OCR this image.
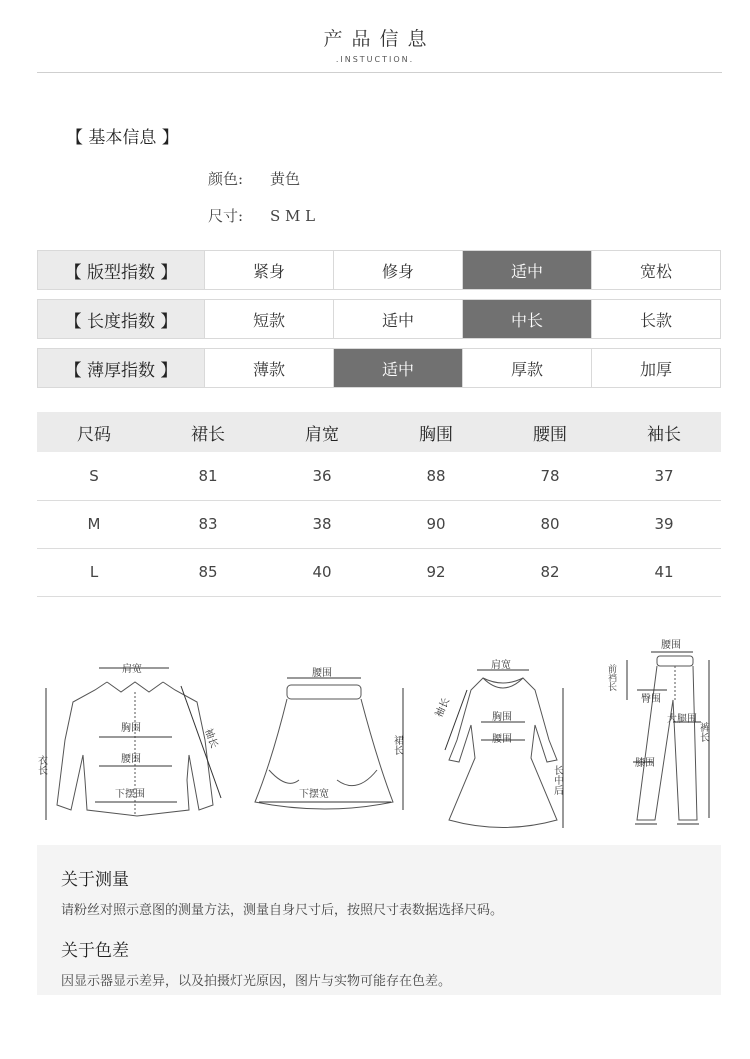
产品信息
.INSTUCTION.
【 基本信息 】
颜色: 黄色
尺寸: S M L
【 版型指数 】	紧身	修身	适中	宽松
【 长度指数 】	短款	适中	中长	长款
【 薄厚指数 】	薄款	适中	厚款	加厚
尺码	裙长	肩宽	胸围	腰围	袖长
S	81	36	88	78	37
M	83	38	90	80	39
L	85	40	92	82	41
肩宽
胸围
腰围
下摆围
衣长
袖长
腰围
下摆宽
裙长
肩宽
袖长	胸围
腰围
长中后
腰围
前裆长
臀围
大腿围
膝围
裤长
关于测量

请粉丝对照示意图的测量方法，测量自身尺寸后，按照尺寸表数据选择尺码。

关于色差

因显示器显示差异，以及拍摄灯光原因，图片与实物可能存在色差。
